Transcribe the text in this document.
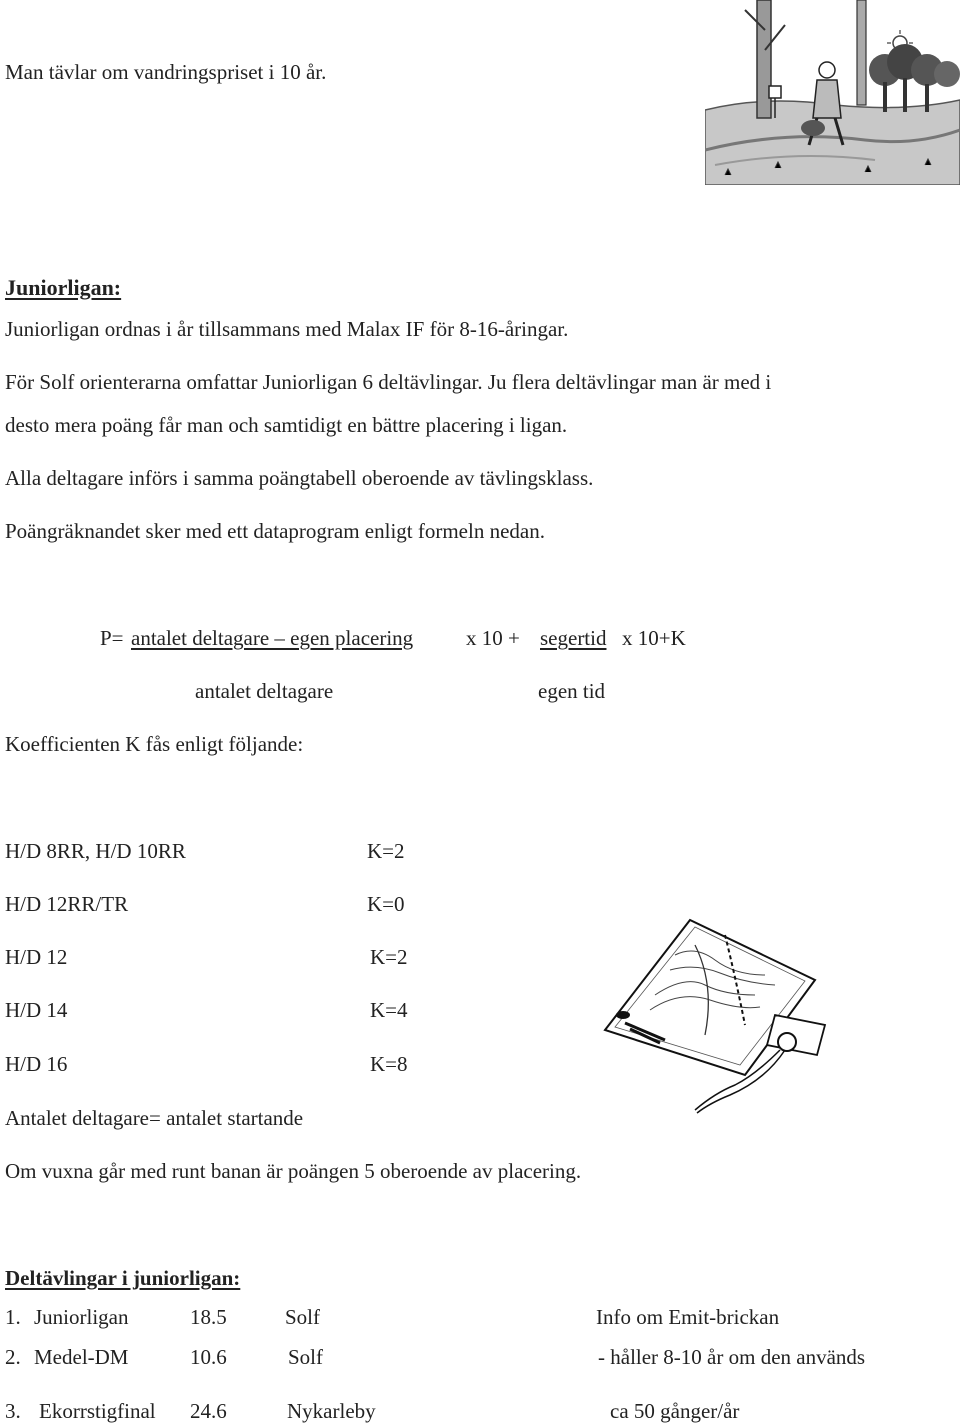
Man tävlar om vandringspriset i 10 år.
Juniorligan:
Juniorligan ordnas i år tillsammans med Malax IF för 8-16-åringar.
För Solf orienterarna omfattar Juniorligan 6 deltävlingar. Ju flera deltävlingar man är med i
desto mera poäng får man och samtidigt en bättre placering i ligan.
Alla deltagare införs i samma poängtabell oberoende av tävlingsklass.
Poängräknandet sker med ett dataprogram enligt formeln nedan.
P= antalet deltagare – egen placering	x 10 + segertid x 10+K
antalet deltagare	egen tid
Koefficienten K fås enligt följande:
H/D 8RR, H/D 10RR	K=2
H/D 12RR/TR	K=0
H/D 12	K=2
H/D 14	K=4
H/D 16	K=8
Antalet deltagare= antalet startande
Om vuxna går med runt banan är poängen 5 oberoende av placering.
Deltävlingar i juniorligan:
1. Juniorligan	18.5	Solf	Info om Emit-brickan
2. Medel-DM	10.6	Solf	- håller 8-10 år om den används
3. Ekorrstigfinal 24.6	Nykarleby	ca 50 gånger/år
